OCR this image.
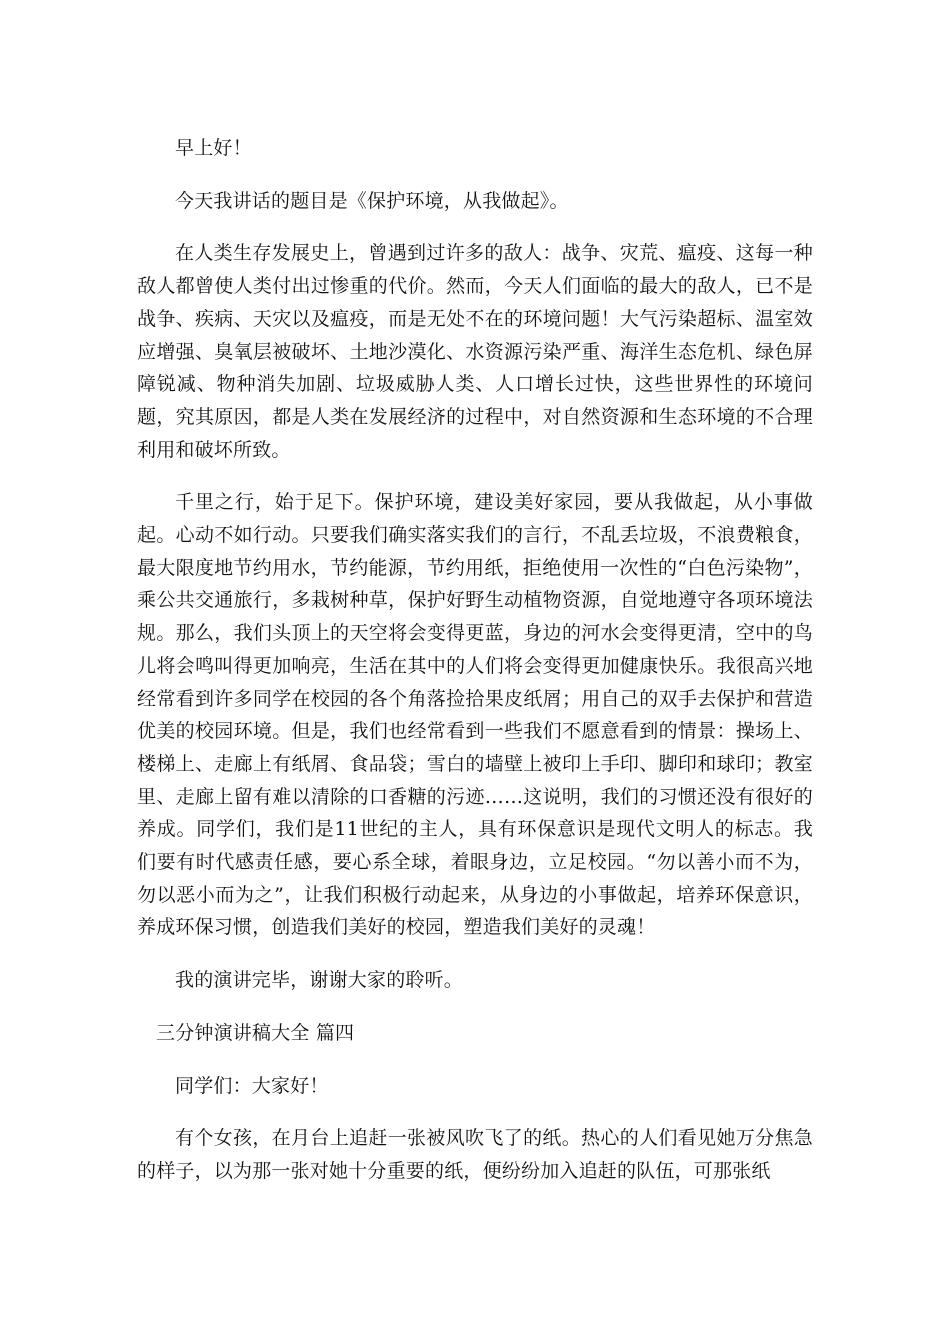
早上好！

今天我讲话的题目是《保护环境，从我做起》。

在人类生存发展史上，曾遇到过许多的敌人：战争、灾荒、瘟疫、这每一种敌人都曾使人类付出过惨重的代价。然而，今天人们面临的最大的敌人，已不是战争、疾病、天灾以及瘟疫，而是无处不在的环境问题！大气污染超标、温室效应增强、臭氧层被破坏、土地沙漠化、水资源污染严重、海洋生态危机、绿色屏障锐减、物种消失加剧、垃圾威胁人类、人口增长过快，这些世界性的环境问题，究其原因，都是人类在发展经济的过程中，对自然资源和生态环境的不合理利用和破坏所致。

千里之行，始于足下。保护环境，建设美好家园，要从我做起，从小事做起。心动不如行动。只要我们确实落实我们的言行，不乱丢垃圾，不浪费粮食，最大限度地节约用水，节约能源，节约用纸，拒绝使用一次性的“白色污染物”，乘公共交通旅行，多栽树种草，保护好野生动植物资源，自觉地遵守各项环境法规。那么，我们头顶上的天空将会变得更蓝，身边的河水会变得更清，空中的鸟儿将会鸣叫得更加响亮，生活在其中的人们将会变得更加健康快乐。我很高兴地经常看到许多同学在校园的各个角落捡拾果皮纸屑；用自己的双手去保护和营造优美的校园环境。但是，我们也经常看到一些我们不愿意看到的情景：操场上、楼梯上、走廊上有纸屑、食品袋；雪白的墙壁上被印上手印、脚印和球印；教室里、走廊上留有难以清除的口香糖的污迹……这说明，我们的习惯还没有很好的养成。同学们，我们是11世纪的主人，具有环保意识是现代文明人的标志。我们要有时代感责任感，要心系全球，着眼身边，立足校园。“勿以善小而不为，勿以恶小而为之”，让我们积极行动起来，从身边的小事做起，培养环保意识，养成环保习惯，创造我们美好的校园，塑造我们美好的灵魂！

我的演讲完毕，谢谢大家的聆听。

三分钟演讲稿大全 篇四

同学们：大家好！

有个女孩，在月台上追赶一张被风吹飞了的纸。热心的人们看见她万分焦急的样子，以为那一张对她十分重要的纸，便纷纷加入追赶的队伍，可那张纸
